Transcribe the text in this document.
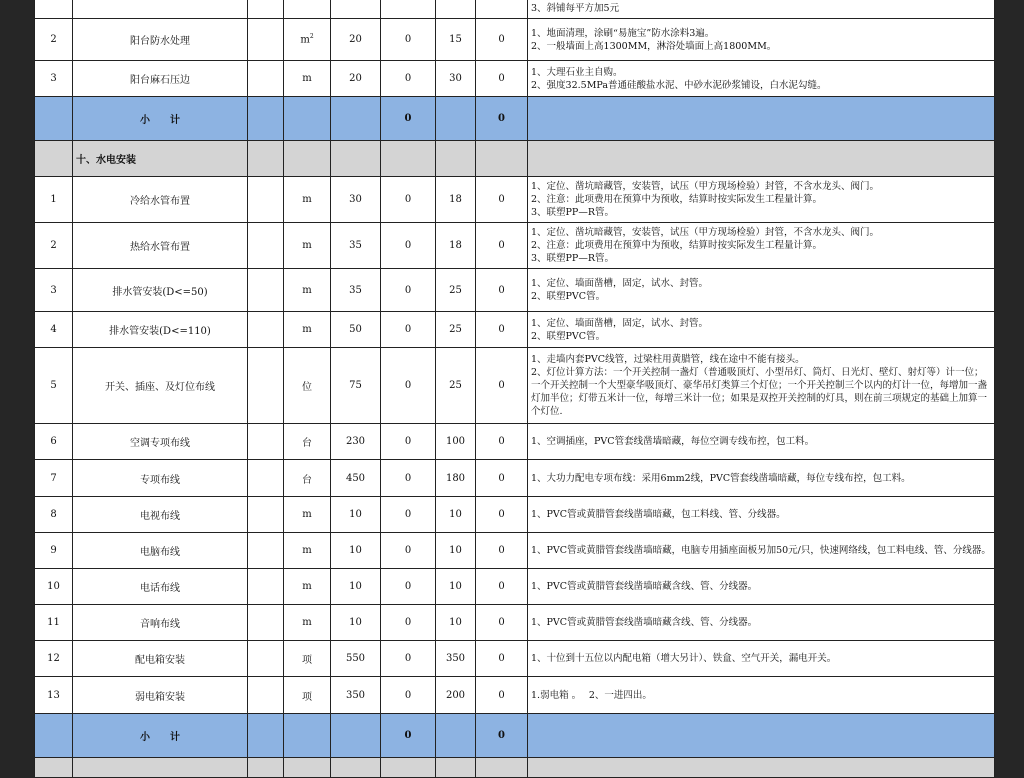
								3、斜铺每平方加5元
2	阳台防水处理		$m^2$	20	0	15	0	1、地面清理，涂刷“易施宝”防水涂料3遍。
2、一般墙面上高1300MM，淋浴处墙面上高1800MM。
3	阳台麻石压边		m	20	0	30	0	1、大理石业主自购。
2、强度32.5MPa普通硅酸盐水泥、中砂水泥砂浆铺设，白水泥勾缝。
	小　　计				0		0	
	十、水电安装							
1	冷给水管布置		m	30	0	18	0	1、定位、凿坑暗藏管，安装管，试压（甲方现场检验）封管，不含水龙头、阀门。
2、注意：此项费用在预算中为预收，结算时按实际发生工程量计算。
3、联塑PP—R管。
2	热给水管布置		m	35	0	18	0	1、定位、凿坑暗藏管，安装管，试压（甲方现场检验）封管，不含水龙头、阀门。
2、注意：此项费用在预算中为预收，结算时按实际发生工程量计算。
3、联塑PP—R管。
3	排水管安装(D<=50)		m	35	0	25	0	1、定位、墙面凿槽，固定，试水、封管。
2、联塑PVC管。
4	排水管安装(D<=110)		m	50	0	25	0	1、定位、墙面凿槽，固定，试水、封管。
2、联塑PVC管。
5	开关、插座、及灯位布线		位	75	0	25	0	1、走墙内套PVC线管，过梁柱用黄腊管，线在途中不能有接头。
2、灯位计算方法：一个开关控制一盏灯（普通吸顶灯、小型吊灯、筒灯、日光灯、壁灯、射灯等）计一位；一个开关控制一个大型豪华吸顶灯、豪华吊灯类算三个灯位；一个开关控制三个以内的灯计一位，每增加一盏灯加半位；灯带五米计一位，每增三米计一位；如果是双控开关控制的灯具，则在前三项规定的基础上加算一个灯位.
6	空调专项布线		台	230	0	100	0	1、空调插座，PVC管套线凿墙暗藏，每位空调专线布控，包工料。
7	专项布线		台	450	0	180	0	1、大功力配电专项布线：采用6mm2线，PVC管套线凿墙暗藏，每位专线布控，包工料。
8	电视布线		m	10	0	10	0	1、PVC管或黄腊管套线凿墙暗藏，包工料线、管、分线器。
9	电脑布线		m	10	0	10	0	1、PVC管或黄腊管套线凿墙暗藏，电脑专用插座面板另加50元/只，快速网络线，包工料电线、管、分线器。
10	电话布线		m	10	0	10	0	1、PVC管或黄腊管套线凿墙暗藏含线、管、分线器。
11	音响布线		m	10	0	10	0	1、PVC管或黄腊管套线凿墙暗藏含线、管、分线器。
12	配电箱安装		项	550	0	350	0	1、十位到十五位以内配电箱（增大另计）、铁盒、空气开关，漏电开关。
13	弱电箱安装		项	350	0	200	0	1.弱电箱 。　 2、一进四出。
	小　　计				0		0	
